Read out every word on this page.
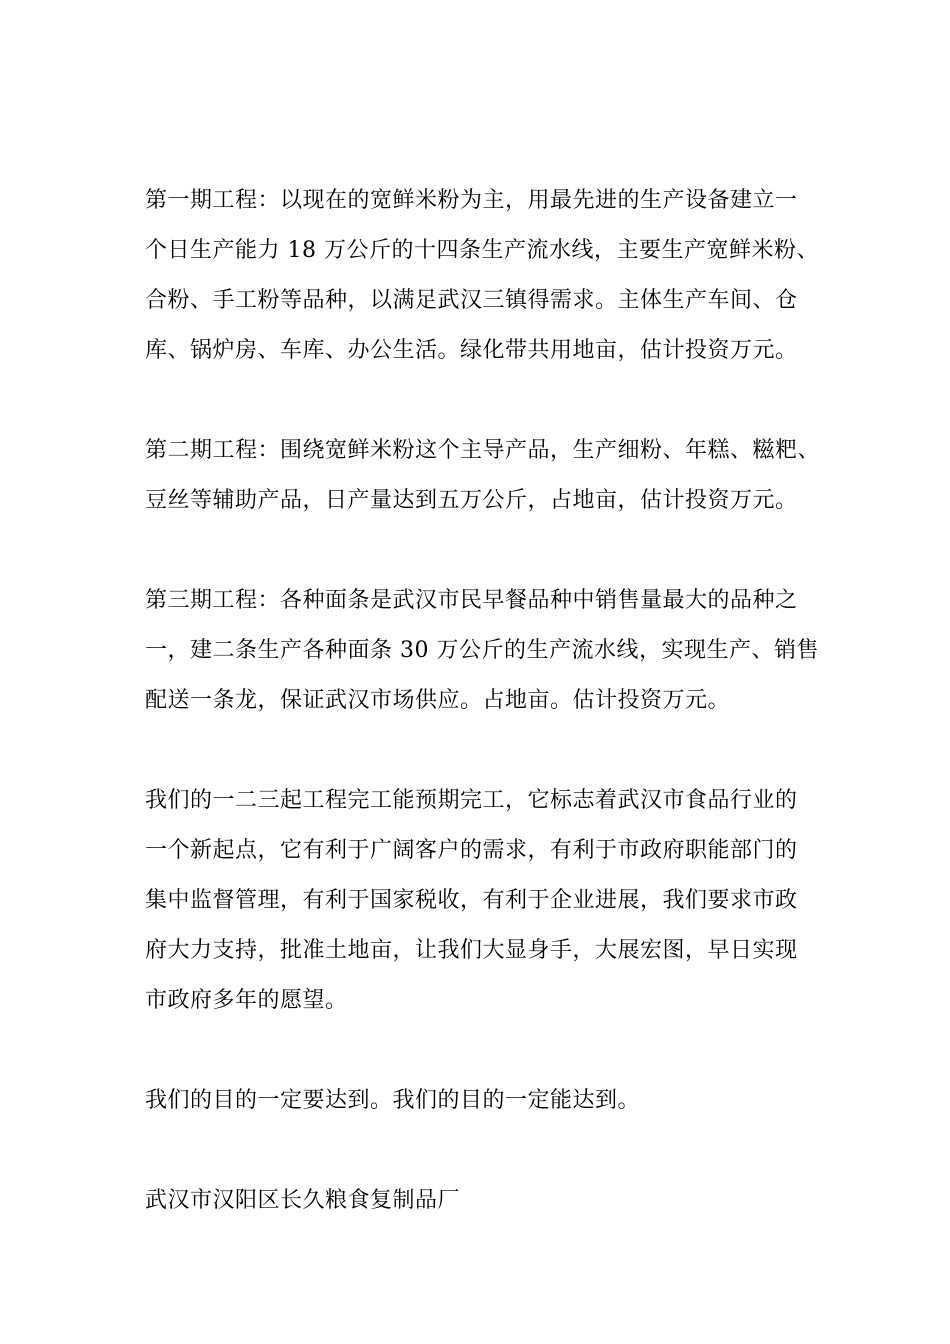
第一期工程：以现在的宽鲜米粉为主，用最先进的生产设备建立一
个日生产能力 18 万公斤的十四条生产流水线，主要生产宽鲜米粉、
合粉、手工粉等品种，以满足武汉三镇得需求。主体生产车间、仓
库、锅炉房、车库、办公生活。绿化带共用地亩，估计投资万元。
第二期工程：围绕宽鲜米粉这个主导产品，生产细粉、年糕、糍粑、
豆丝等辅助产品，日产量达到五万公斤，占地亩，估计投资万元。
第三期工程：各种面条是武汉市民早餐品种中销售量最大的品种之
一，建二条生产各种面条 30 万公斤的生产流水线，实现生产、销售
配送一条龙，保证武汉市场供应。占地亩。估计投资万元。
我们的一二三起工程完工能预期完工，它标志着武汉市食品行业的
一个新起点，它有利于广阔客户的需求，有利于市政府职能部门的
集中监督管理，有利于国家税收，有利于企业进展，我们要求市政
府大力支持，批准土地亩，让我们大显身手，大展宏图，早日实现
市政府多年的愿望。
我们的目的一定要达到。我们的目的一定能达到。
武汉市汉阳区长久粮食复制品厂
